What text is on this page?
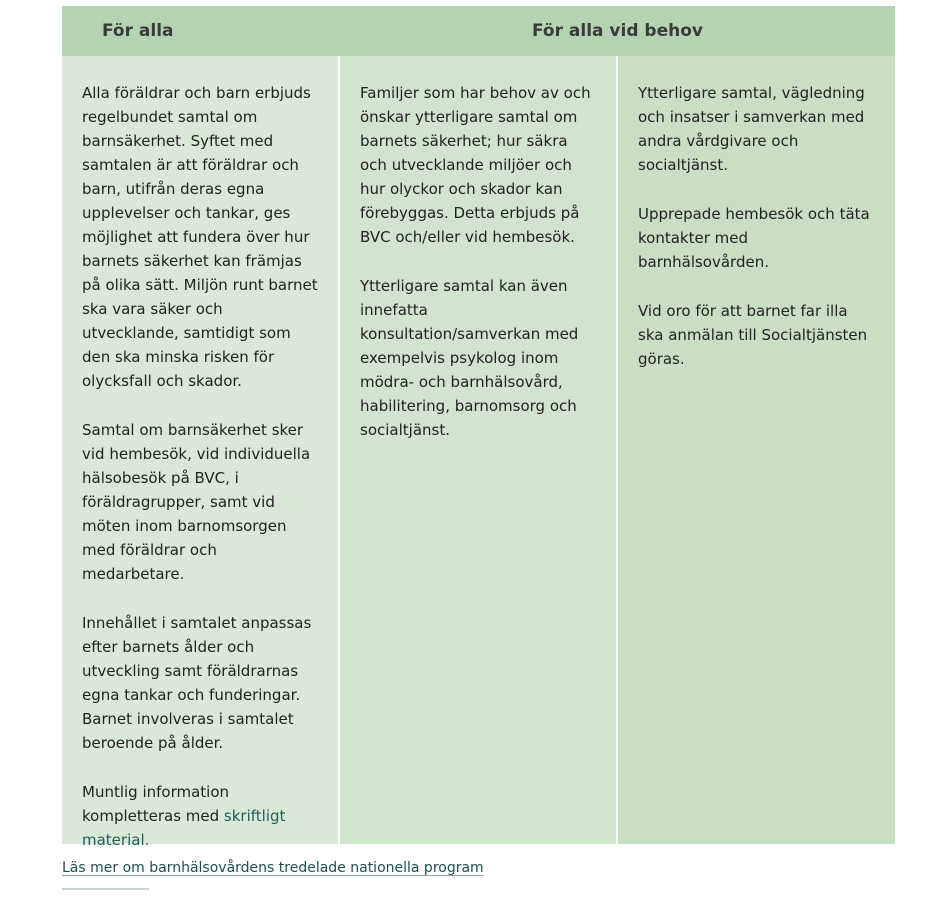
För alla	För alla vid behov

Alla föräldrar och barn erbjuds regelbundet samtal om barnsäkerhet. Syftet med samtalen är att föräldrar och barn, utifrån deras egna upplevelser och tankar, ges möjlighet att fundera över hur barnets säkerhet kan främjas på olika sätt. Miljön runt barnet ska vara säker och utvecklande, samtidigt som den ska minska risken för olycksfall och skador.

Samtal om barnsäkerhet sker vid hembesök, vid individuella hälsobesök på BVC, i föräldragrupper, samt vid möten inom barnomsorgen med föräldrar och medarbetare.

Innehållet i samtalet anpassas efter barnets ålder och utveckling samt föräldrarnas egna tankar och funderingar. Barnet involveras i samtalet beroende på ålder.

Muntlig information kompletteras med skriftligt material.

Familjer som har behov av och önskar ytterligare samtal om barnets säkerhet; hur säkra och utvecklande miljöer och hur olyckor och skador kan förebyggas. Detta erbjuds på BVC och/eller vid hembesök.

Ytterligare samtal kan även innefatta konsultation/samverkan med exempelvis psykolog inom mödra- och barnhälsovård, habilitering, barnomsorg och socialtjänst.

Ytterligare samtal, vägledning och insatser i samverkan med andra vårdgivare och socialtjänst.

Upprepade hembesök och täta kontakter med barnhälsovården.

Vid oro för att barnet far illa ska anmälan till Socialtjänsten göras.

Läs mer om barnhälsovårdens tredelade nationella program
